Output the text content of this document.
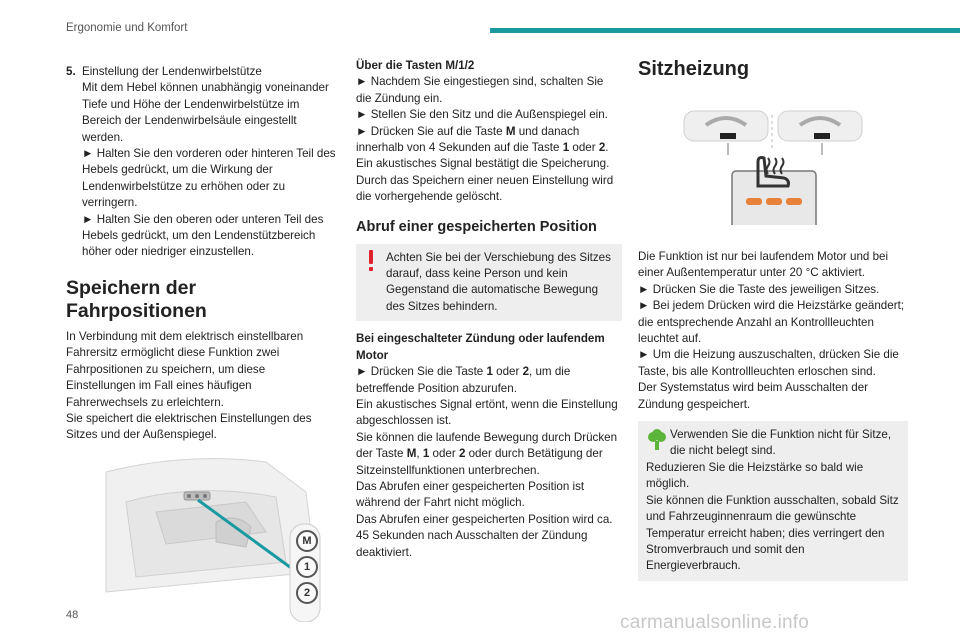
Ergonomie und Komfort
5. Einstellung der Lendenwirbelstütze

Mit dem Hebel können unabhängig voneinander Tiefe und Höhe der Lendenwirbelstütze im Bereich der Lendenwirbelsäule eingestellt werden.

► Halten Sie den vorderen oder hinteren Teil des Hebels gedrückt, um die Wirkung der Lendenwirbelstütze zu erhöhen oder zu verringern.

► Halten Sie den oberen oder unteren Teil des Hebels gedrückt, um den Lendenstützbereich höher oder niedriger einzustellen.

Speichern der Fahrpositionen

In Verbindung mit dem elektrisch einstellbaren Fahrersitz ermöglicht diese Funktion zwei Fahrpositionen zu speichern, um diese Einstellungen im Fall eines häufigen Fahrerwechsels zu erleichtern.

Sie speichert die elektrischen Einstellungen des Sitzes und der Außenspiegel.

M
1
2

Über die Tasten M/1/2

► Nachdem Sie eingestiegen sind, schalten Sie die Zündung ein.

► Stellen Sie den Sitz und die Außenspiegel ein.

► Drücken Sie auf die Taste M und danach innerhalb von 4 Sekunden auf die Taste 1 oder 2.

Ein akustisches Signal bestätigt die Speicherung.

Durch das Speichern einer neuen Einstellung wird die vorhergehende gelöscht.

Abruf einer gespeicherten Position

Achten Sie bei der Verschiebung des Sitzes darauf, dass keine Person und kein Gegenstand die automatische Bewegung des Sitzes behindern.

Bei eingeschalteter Zündung oder laufendem Motor

► Drücken Sie die Taste 1 oder 2, um die betreffende Position abzurufen.

Ein akustisches Signal ertönt, wenn die Einstellung abgeschlossen ist.

Sie können die laufende Bewegung durch Drücken der Taste M, 1 oder 2 oder durch Betätigung der Sitzeinstellfunktionen unterbrechen.

Das Abrufen einer gespeicherten Position ist während der Fahrt nicht möglich.

Das Abrufen einer gespeicherten Position wird ca. 45 Sekunden nach Ausschalten der Zündung deaktiviert.

Sitzheizung

Die Funktion ist nur bei laufendem Motor und bei einer Außentemperatur unter 20 °C aktiviert.

► Drücken Sie die Taste des jeweiligen Sitzes.

► Bei jedem Drücken wird die Heizstärke geändert; die entsprechende Anzahl an Kontrollleuchten leuchtet auf.

► Um die Heizung auszuschalten, drücken Sie die Taste, bis alle Kontrollleuchten erloschen sind.

Der Systemstatus wird beim Ausschalten der Zündung gespeichert.

Verwenden Sie die Funktion nicht für Sitze, die nicht belegt sind.

Reduzieren Sie die Heizstärke so bald wie möglich.

Sie können die Funktion ausschalten, sobald Sitz und Fahrzeuginnenraum die gewünschte Temperatur erreicht haben; dies verringert den Stromverbrauch und somit den Energieverbrauch.

48	carmanualsonline.info
